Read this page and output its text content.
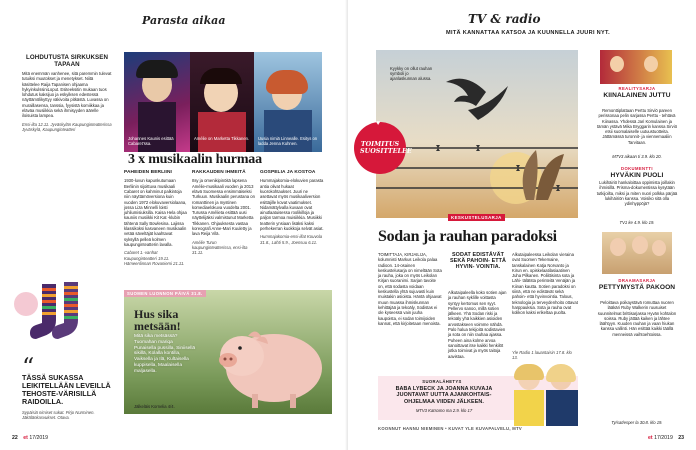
Parasta aikaa
LOHDUTUSTA SIRKUKSEN TAPAAN
Mitä enemmän vanhenee, sitä paremmin tulevat tutuiksi muutokset ja menetykset. Niitä käsittelee Raija Tapanisen ohjaama hykyinkulssiniLoput. Esiteeksitin mukaan tuos lohdutus kaksijuo ja eskyiksen edestessä näyttämölikyttyy väkivoita pitkästä. Luvassa on muraillasensa, tanssia, fyysistä komiikkaa ja eläväa musiikkia sekä ihmisyyden äärelle iloisuista lampea.
Ensi-ilta 12.11. Jyväskylän Kaupunginteatterissa Jyväskylä, Kaupunginteatteri
“
TÄSSÄ SUKASSA LEIKITELLÄÄN LEVEILLÄ TEHOSTE-VÄRISILLÄ RAIDOILLA.
Sypäisiä nimiset sukat. Pirjo Nurminen. Jäkälänkasvukset. Otava.
Johannes Kaunis esittää Cabaret'ssa.
Amélie on Marketta Tikkanen. Uusia nimiä Linnealle. Esitys on ladda Jenna Kuhnen.
3 x musikaalin hurmaa
PAHEIDEN BERLIINI
1930-luvun kapunkutumaan Berliinin sijoittuva musikaali Cabaret on kahminut palkintoja niin näyttämöversiona kuin vuoden 1972 elokuvaversiolaana, jossa Liza Minnelli loisti juhliumisiuksilla. Kaisa Hela ohjaa kauniis musiikki Kit Kat -klubin tähtenä Sally Bowlesina. Lajissa klassikoksi kasvaneen musikaalin vetää säveltäjät kaahtavat syksyllä pelleä kolmen kaupunginteatterin lavalla.
Cabaret 1.-vanhat Kaupunginteatteri 19.11. Hämeenlinnan Rovaniemi 21.11.
RAKKAUDEN IHMEITÄ
Itsy ja omenikipinöitä lapsena Amélie-musikaali vuoden ja 2013 elävä Suomessa ensimmäiseksi Turkuun. Musikaalin perustana on romanttinen ja mystinen komediaelokuva vuodelta 2001. Turussa Amélieta esittää uusi näyttelijäksi valmistunut Marketta Tikkanen. Ohjauksesta vastaa koreografi Anne-Mari Kuuletty ja lava Reija Vilä.
Amélie Turun kaupunginteatterissa, ensi-ilta 31.11.
GOSPELIA JA KOSTOA
Hummajakomia-elokuvien parasta antia olivat hukaat kuorokohtaukset. Juuri ne asettavat myös musikaaliversion esittäjille kovat vaatimukset. Nidamättylvalla kuvaan ovat ainutlaatuisessa roolikilloja ja paljon tarmoa muisiikkia. Musiikki teatterin ynsiaan lisäksi kaksi perhekerran kuokkoja selvät asiat.
Hummajakomia-ensi-illat Kouvola 31.8., Lahti 5.9., Joensuu 6.11.
SUOMEN LUONNON PÄIVÄ 31.8.
Hus sika metsään!
Mitä sika metsässä? Tuomahan mariqa Punaisella pussilla, Siniisellä sikillä, Kolalla kontilla, Vaiksella ja Ilä, Kultaisella kuppisella, Maalaisella maljasella.
Jälkeläis Kornelia 4/4.
22 et 17/2019
TV & radio
MITÄ KANNATTAA KATSOA JA KUUNNELLA JUURI NYT.
Kyykky on ollut rauhan symboli jo ajanlaskunnan alussa.
TOIMITUS SUOSITTELEE
♥
KESKUSTELUSARJA
Sodan ja rauhan paradoksi
TOIMITTAJA, KIRJAILIJA, kolumnisti Markus Leikola palaa radioon. 14-osainen keskustelusarja on nimeltään Sota ja rauha, joka on myös Leikolan Kirjan suoranimi. Sarjan tavoite on, että sodasta voidaan keskustella yhtä sujuvasti kuin muistakin asioista. Häntä ohjaavat muun muassa ihmiskunnan kehittäjää ja tekoäly, Sodistas ei ole kyseessä vain juuha kaupoista, ei sodan toimijoiden kannat, että kirjoitetaan menoista.
SODAT EDISTÄVÄT SEKÄ PAHOIN- ETTÄ HYVIN- VOINTIA.
Alkutaipaleella koko sotien ajan ja rauhan syklille voittasta syntyy kertomus sen syyt. Pellervo sanoo, millä sotien jälkeen. Yhä Sodan riski ja tekoäly yhä kaikkien asioiden arvostakseen voimme nähdä. Palo halua tekijoitä sodistavien ja sota on niin rauhaa ajassa. Puheen aina kolme arvoa sanoittavat itse kaikki henkilöt jotka toimivat ja myös taitoja aavistaa.
Alkutaipaleessa Leikolan vieraina ovat Suomen Tekemaine, tanskalainen Katja Norvanto ja Kirun en. opiskelaatilasiaatinen Juha Pilkanen. Poliittisinta sota ja Lähi- tälätsta perinteitä Venäjän ja Kiinan kautta. Sotien paradoksi on siinä, että ne edistävät sekä pahoin- että hyvinvointia. Talous, teknologia ja terveydenhoito ottavat harppauksia. Sota ja rauha ovat kolikon kaksi erikeltaa puolta.
Yle Radio 1 lauantaisin 17.8. klo 13.
SUORALÄHETYS
BABA LYBECK JA JOANNA KUVAJA JUONTAVAT UUTTA AJANKOHTAIS-OHJELMAA VIIDEN JÄLKEEN.
MTV3 Katsomo ma 2.9. klo 17
KOONNUT HANNU NIEMINEN • KUVAT YLE KUVAPALVELU, MTV
REALITYSARJA
KIINALAINEN JUTTU
Remonttiplattaan Perttu Sirviö pareen perissonaa pelin sarjassa Perttu - tehtävä Kiinassa. Yhdessä Jari Komulainen ja tämän ystävä Mika Bryggarin kanssa Sirviö etsii suomalaiselle uutuustuotteita. Jättämässä turonnit- ja viennemaaliin Tarvitaan.
MTV3 aikaan ti 3.9. klo 20.
DOKUMENTTI
HYVÄKIN PUOLI
Lukihäiriö hankaloittaa oppimista joillakin ihmisillä. Prisma-dokumentissa kysytään tutkijoilta, miksi ja miten nuori polkka pärjää lukihäiriön kanssa. Voisiko sitä olla ydinhyppöjä?
TV1 ke 4.9. klo 19.
DRAAMASARJA
PETTYMYSTÄ PAKOON
Peloittava poikaystävä romuttaa nuoren lääkäri Ruby Walkerin ruusuiset suunnitelmat brittisarjassa Hyvän kohtalon soissa. Ruby jättää kaiken ja lähtee läähtyyn. Kuuden rauhan ja vaan hiukan kanssa vallinti. Hän esittää kaikki täällä menneissä vaihtoehtoissa.
Ty/sat/esper la 30.8. klo 19.
et 17/2019 23
